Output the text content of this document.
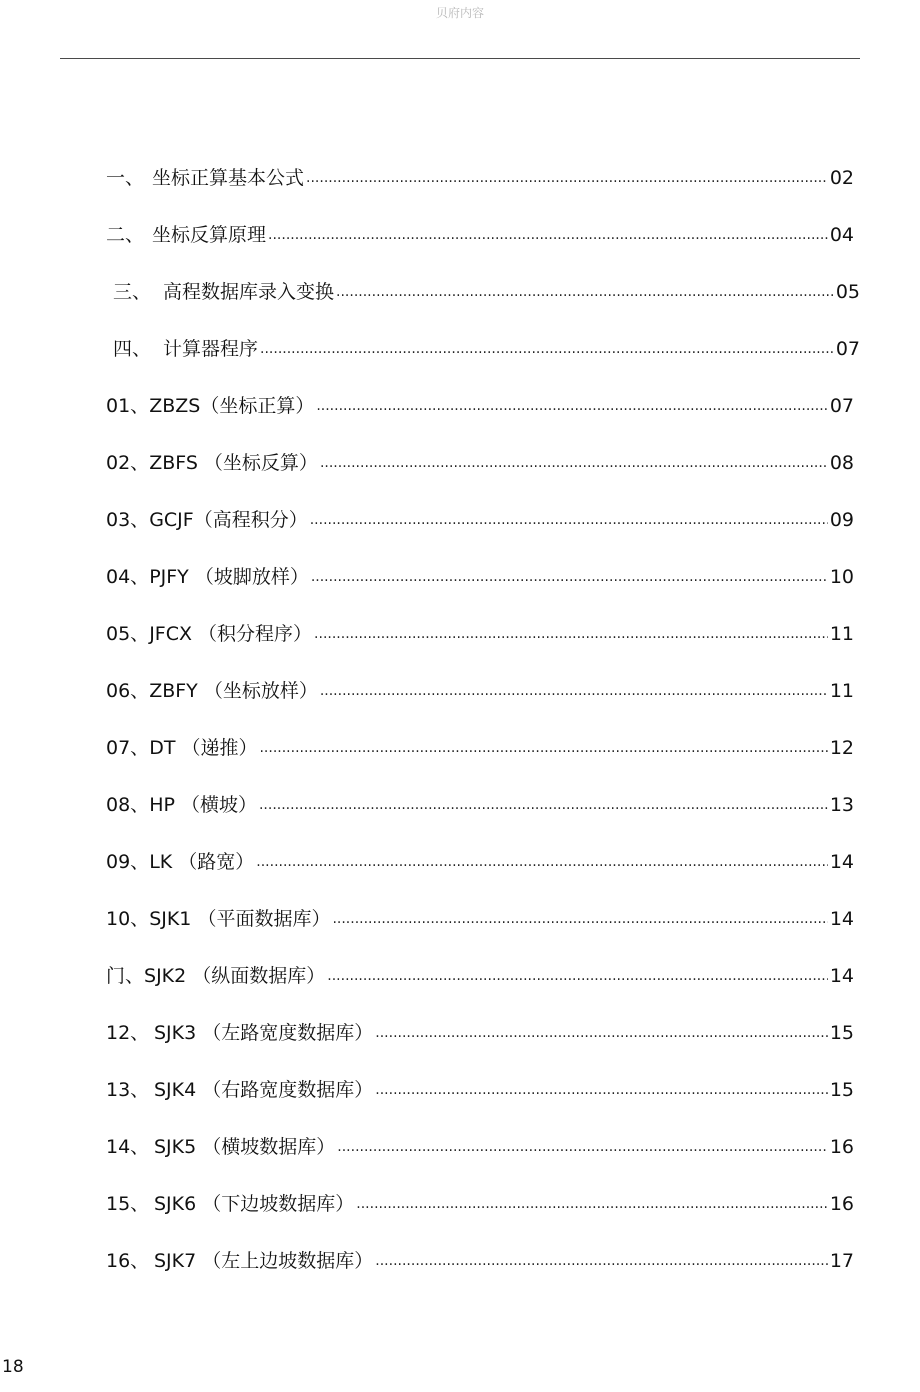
贝府内容
一、 坐标正算基本公式 .....	02
二、 坐标反算原理 .....	04
三、 高程数据库录入变换 .....	05
四、 计算器程序 .....	07
01、 ZBZS（坐标正算） .....	07
02、 ZBFS （坐标反算） .....	08
03、 GCJF（高程积分） .....	09
04、 PJFY （坡脚放样） .....	10
05、 JFCX （积分程序） .....	11
06、 ZBFY （坐标放样） .....	11
07、 DT （递推） .....	12
08、 HP （横坡） .....	13
09、 LK （路宽） .....	14
10、 SJK1 （平面数据库） .....	14
门、 SJK2 （纵面数据库） .....	14
12、 SJK3 （左路宽度数据库） .....	15
13、 SJK4 （右路宽度数据库） .....	15
14、 SJK5 （横坡数据库） .....	16
15、 SJK6 （下边坡数据库） .....	16
16、 SJK7 （左上边坡数据库） .....	17
18
